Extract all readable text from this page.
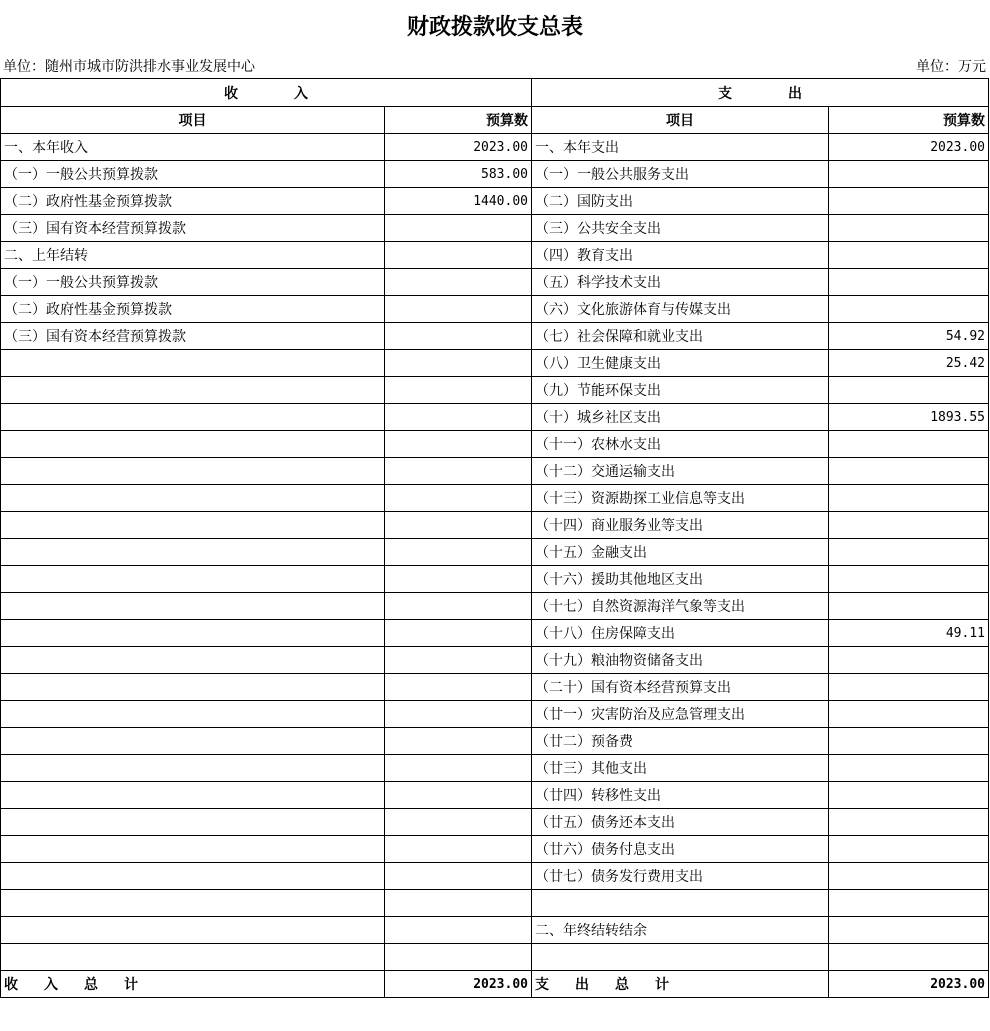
财政拨款收支总表
单位：随州市城市防洪排水事业发展中心	单位：万元
收入		支出	
项目	预算数	项目	预算数
一、本年收入	2023.00	一、本年支出	2023.00
（一）一般公共预算拨款	583.00	（一）一般公共服务支出	
（二）政府性基金预算拨款	1440.00	（二）国防支出	
（三）国有资本经营预算拨款		（三）公共安全支出	
二、上年结转		（四）教育支出	
（一）一般公共预算拨款		（五）科学技术支出	
（二）政府性基金预算拨款		（六）文化旅游体育与传媒支出	
（三）国有资本经营预算拨款		（七）社会保障和就业支出	54.92
		（八）卫生健康支出	25.42
		（九）节能环保支出	
		（十）城乡社区支出	1893.55
		（十一）农林水支出	
		（十二）交通运输支出	
		（十三）资源勘探工业信息等支出	
		（十四）商业服务业等支出	
		（十五）金融支出	
		（十六）援助其他地区支出	
		（十七）自然资源海洋气象等支出	
		（十八）住房保障支出	49.11
		（十九）粮油物资储备支出	
		（二十）国有资本经营预算支出	
		（廿一）灾害防治及应急管理支出	
		（廿二）预备费	
		（廿三）其他支出	
		（廿四）转移性支出	
		（廿五）债务还本支出	
		（廿六）债务付息支出	
		（廿七）债务发行费用支出	

		二、年终结转结余	

收入总计	2023.00	支出总计	2023.00
